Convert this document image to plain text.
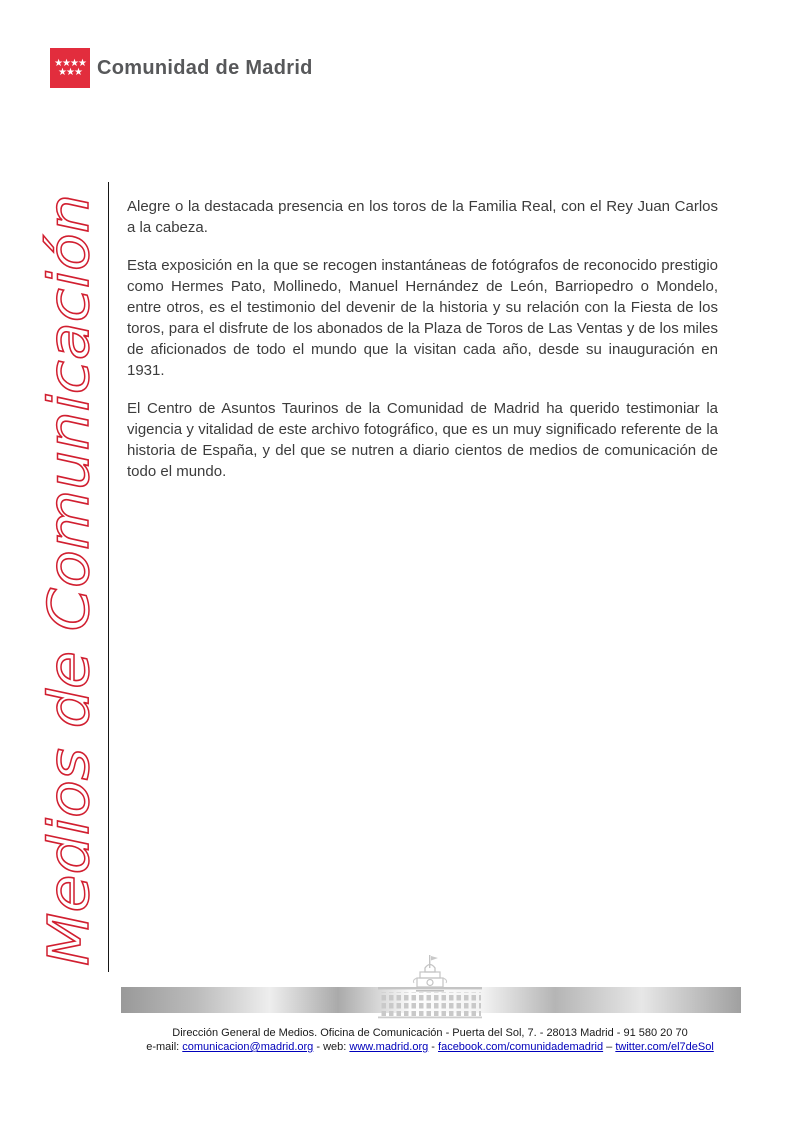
★★★★
★★★ Comunidad de Madrid
Medios de Comunicación

Alegre o la destacada presencia en los toros de la Familia Real, con el Rey Juan Carlos a la cabeza.

Esta exposición en la que se recogen instantáneas de fotógrafos de reconocido prestigio como Hermes Pato, Mollinedo, Manuel Hernández de León, Barriopedro o Mondelo, entre otros, es el testimonio del devenir de la historia y su relación con la Fiesta de los toros, para el disfrute de los abonados de la Plaza de Toros de Las Ventas y de los miles de aficionados de todo el mundo que la visitan cada año, desde su inauguración en 1931.

El Centro de Asuntos Taurinos de la Comunidad de Madrid ha querido testimoniar la vigencia y vitalidad de este archivo fotográfico, que es un muy significado referente de la historia de España, y del que se nutren a diario cientos de medios de comunicación de todo el mundo.

Dirección General de Medios. Oficina de Comunicación - Puerta del Sol, 7. - 28013 Madrid - 91 580 20 70
e-mail: comunicacion@madrid.org - web: www.madrid.org - facebook.com/comunidademadrid – twitter.com/el7deSol
